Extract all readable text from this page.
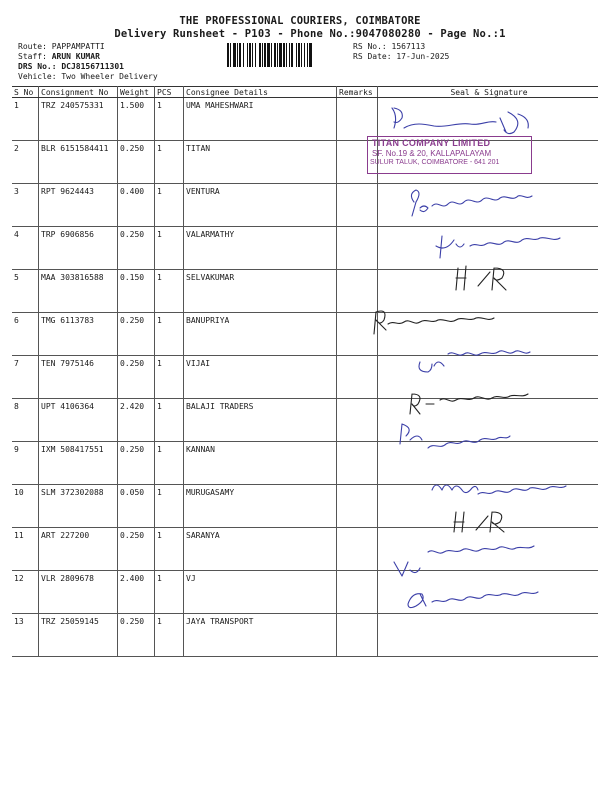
THE PROFESSIONAL COURIERS, COIMBATORE
Delivery Runsheet - P103 - Phone No.:9047080280 - Page No.:1
Route: PAPPAMPATTI
Staff: ARUN KUMAR
DRS No.: DCJ8156711301
Vehicle: Two Wheeler Delivery
RS No.: 1567113
RS Date: 17-Jun-2025
S No	Consignment No	Weight	PCS	Consignee Details	Remarks	Seal & Signature
1	TRZ 240575331	1.500	1	UMA MAHESHWARI		
2	BLR 6151584411	0.250	1	TITAN		
3	RPT 9624443	0.400	1	VENTURA		
4	TRP 6906856	0.250	1	VALARMATHY		
5	MAA 303816588	0.150	1	SELVAKUMAR		
6	TMG 6113783	0.250	1	BANUPRIYA		
7	TEN 7975146	0.250	1	VIJAI		
8	UPT 4106364	2.420	1	BALAJI TRADERS		
9	IXM 508417551	0.250	1	KANNAN		
10	SLM 372302088	0.050	1	MURUGASAMY		
11	ART 227200	0.250	1	SARANYA		
12	VLR 2809678	2.400	1	VJ		
13	TRZ 25059145	0.250	1	JAYA TRANSPORT		
TITAN COMPANY LIMITED
SF. No.19 & 20, KALLAPALAYAM
SULUR TALUK, COIMBATORE - 641 201
